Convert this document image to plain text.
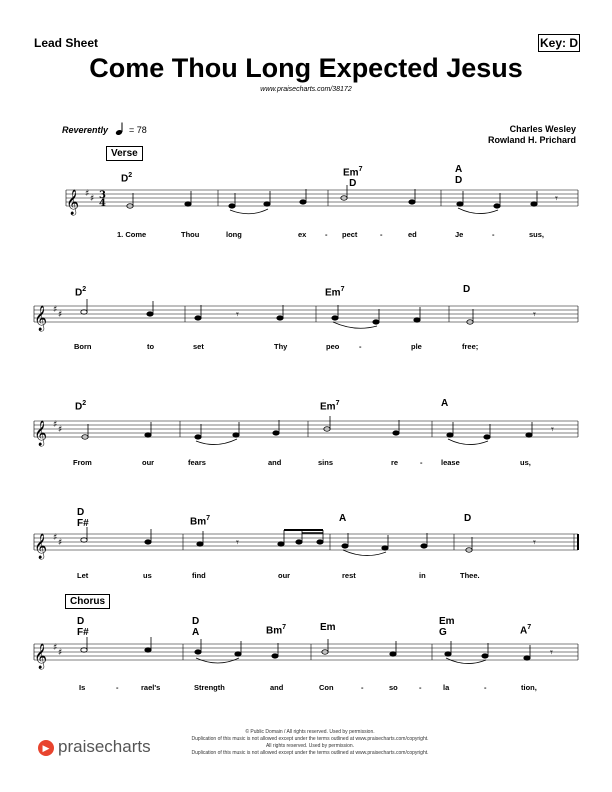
Lead Sheet	Key: D
Come Thou Long Expected Jesus
www.praisecharts.com/38172
Reverently = 78	Charles Wesley
Rowland H. Prichard
Verse
$D^2$	Em$^7$
D
A
D
𝄞 ♯ ♯ 3
4	𝄾
1. Come	Thou	long	ex - pect	-	ed	Je	-	sus,
$D^2$	Em$^7$	D
𝄞 ♯ ♯	𝄾	𝄾
Born	to	set	Thy	peo	-	ple	free;
$D^2$	Em$^7$	A
𝄞 ♯ ♯	𝄾
From	our	fears	and	sins	re	- lease	us,
D
F#	Bm$^7$	A	D
𝄞 ♯ ♯	𝄾	𝄾
Let	us	find	our	rest	in	Thee.
Chorus
D
F#
D
A	Bm$^7$	Em
Em
G	$A^7$
𝄞 ♯ ♯	𝄾
Is	-	rael's	Strength	and	Con	-	so	-	la	-	tion,
▶ praisecharts
© Public Domain / All rights reserved. Used by permission.
Duplication of this music is not allowed except under the terms outlined at www.praisecharts.com/copyright.
All rights reserved. Used by permission.
Duplication of this music is not allowed except under the terms outlined at www.praisecharts.com/copyright.
